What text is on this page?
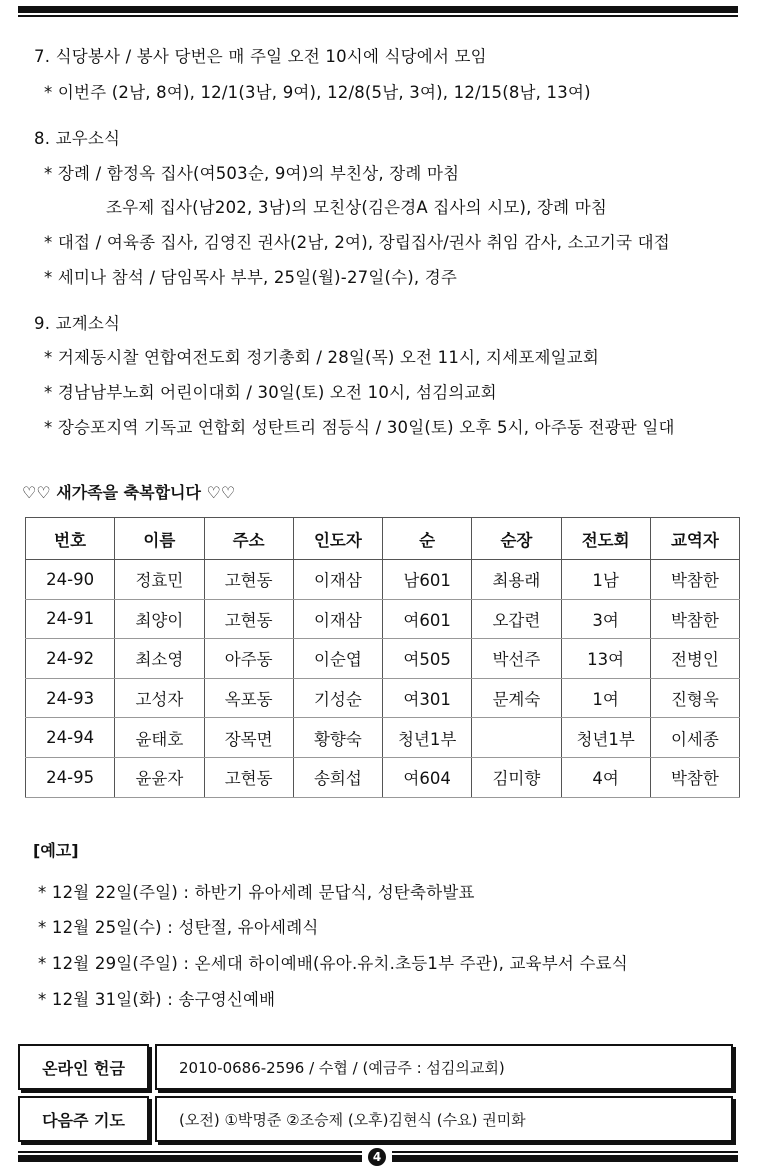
7. 식당봉사 / 봉사 당번은 매 주일 오전 10시에 식당에서 모임
* 이번주 (2남, 8여), 12/1(3남, 9여), 12/8(5남, 3여), 12/15(8남, 13여)
8. 교우소식
* 장례 / 함정옥 집사(여503순, 9여)의 부친상, 장례 마침
조우제 집사(남202, 3남)의 모친상(김은경A 집사의 시모), 장례 마침
* 대접 / 여육종 집사, 김영진 권사(2남, 2여), 장립집사/권사 취임 감사, 소고기국 대접
* 세미나 참석 / 담임목사 부부, 25일(월)-27일(수), 경주
9. 교계소식
* 거제동시찰 연합여전도회 정기총회 / 28일(목) 오전 11시, 지세포제일교회
* 경남남부노회 어린이대회 / 30일(토) 오전 10시, 섬김의교회
* 장승포지역 기독교 연합회 성탄트리 점등식 / 30일(토) 오후 5시, 아주동 전광판 일대
♡♡ 새가족을 축복합니다 ♡♡
번호	이름	주소	인도자	순	순장	전도회	교역자
24-90	정효민	고현동	이재삼	남601	최용래	1남	박참한
24-91	최양이	고현동	이재삼	여601	오갑련	3여	박참한
24-92	최소영	아주동	이순엽	여505	박선주	13여	전병인
24-93	고성자	옥포동	기성순	여301	문계숙	1여	진형욱
24-94	윤태호	장목면	황향숙	청년1부		청년1부	이세종
24-95	윤윤자	고현동	송희섭	여604	김미향	4여	박참한
[예고]
* 12월 22일(주일) : 하반기 유아세례 문답식, 성탄축하발표
* 12월 25일(수) : 성탄절, 유아세례식
* 12월 29일(주일) : 온세대 하이예배(유아.유치.초등1부 주관), 교육부서 수료식
* 12월 31일(화) : 송구영신예배
온라인 헌금	2010-0686-2596 / 수협 / (예금주 : 섬김의교회)
다음주 기도	(오전) ①박명준 ②조승제 (오후)김현식 (수요) 권미화
4
